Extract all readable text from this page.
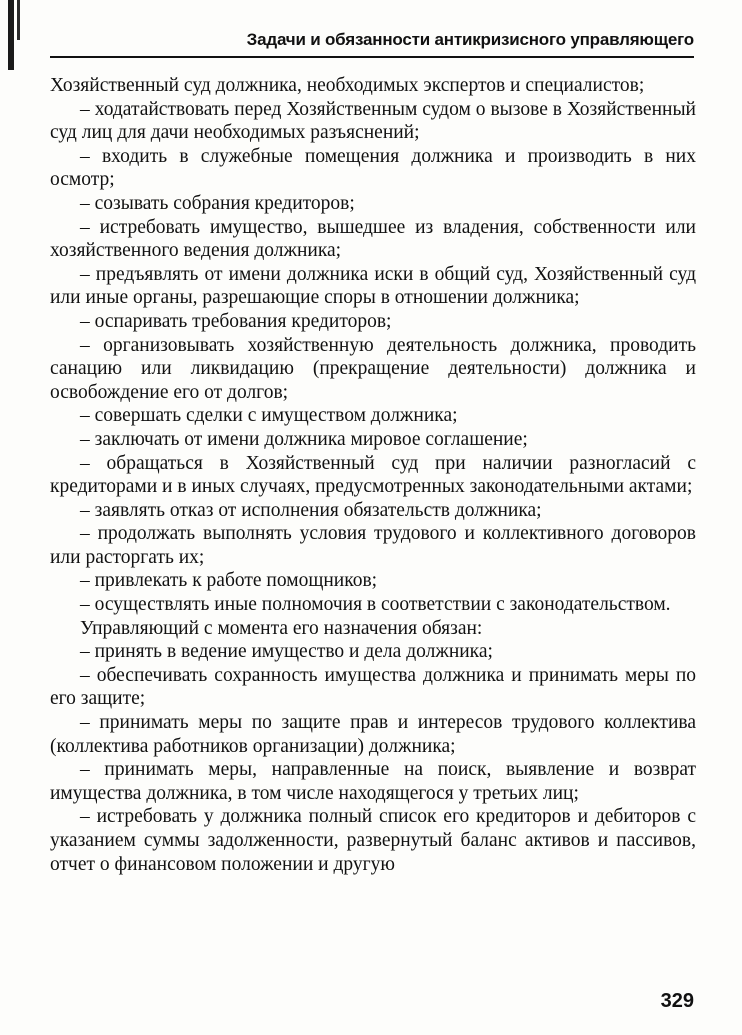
Задачи и обязанности антикризисного управляющего

Хозяйственный суд должника, необходимых экспертов и специалистов;

– ходатайствовать перед Хозяйственным судом о вызове в Хозяйственный суд лиц для дачи необходимых разъяснений;

– входить в служебные помещения должника и производить в них осмотр;

– созывать собрания кредиторов;

– истребовать имущество, вышедшее из владения, собственности или хозяйственного ведения должника;

– предъявлять от имени должника иски в общий суд, Хозяйственный суд или иные органы, разрешающие споры в отношении должника;

– оспаривать требования кредиторов;

– организовывать хозяйственную деятельность должника, проводить санацию или ликвидацию (прекращение деятельности) должника и освобождение его от долгов;

– совершать сделки с имуществом должника;

– заключать от имени должника мировое соглашение;

– обращаться в Хозяйственный суд при наличии разногласий с кредиторами и в иных случаях, предусмотренных законодательными актами;

– заявлять отказ от исполнения обязательств должника;

– продолжать выполнять условия трудового и коллективного договоров или расторгать их;

– привлекать к работе помощников;

– осуществлять иные полномочия в соответствии с законодательством.

Управляющий с момента его назначения обязан:

– принять в ведение имущество и дела должника;

– обеспечивать сохранность имущества должника и принимать меры по его защите;

– принимать меры по защите прав и интересов трудового коллектива (коллектива работников организации) должника;

– принимать меры, направленные на поиск, выявление и возврат имущества должника, в том числе находящегося у третьих лиц;

– истребовать у должника полный список его кредиторов и дебиторов с указанием суммы задолженности, развернутый баланс активов и пассивов, отчет о финансовом положении и другую

329
